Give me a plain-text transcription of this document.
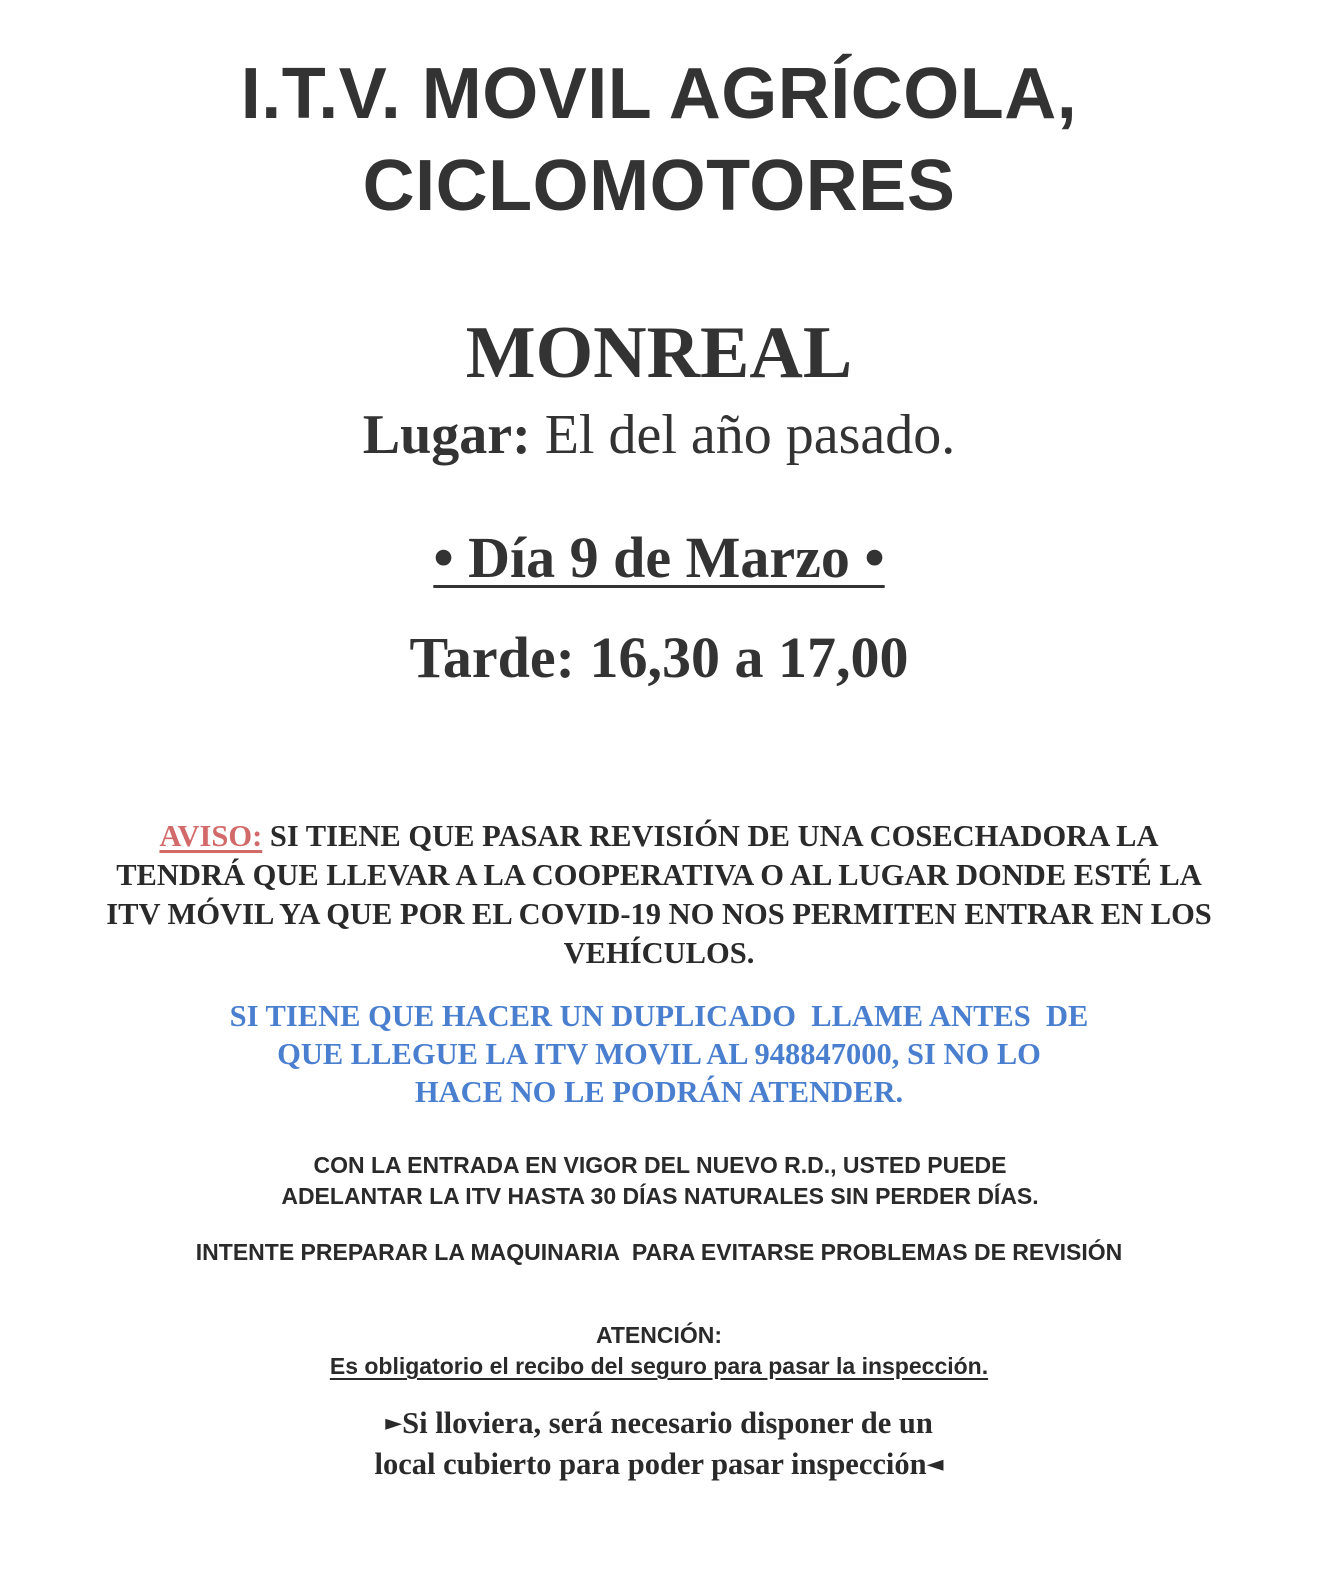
I.T.V. MOVIL AGRÍCOLA,
CICLOMOTORES
MONREAL
Lugar: El del año pasado.
• Día 9 de Marzo •
Tarde: 16,30 a 17,00
AVISO: SI TIENE QUE PASAR REVISIÓN DE UNA COSECHADORA LA
TENDRÁ QUE LLEVAR A LA COOPERATIVA O AL LUGAR DONDE ESTÉ LA
ITV MÓVIL YA QUE POR EL COVID-19 NO NOS PERMITEN ENTRAR EN LOS
VEHÍCULOS.
SI TIENE QUE HACER UN DUPLICADO  LLAME ANTES  DE
QUE LLEGUE LA ITV MOVIL AL 948847000, SI NO LO
HACE NO LE PODRÁN ATENDER.
CON LA ENTRADA EN VIGOR DEL NUEVO R.D., USTED PUEDE
ADELANTAR LA ITV HASTA 30 DÍAS NATURALES SIN PERDER DÍAS.
INTENTE PREPARAR LA MAQUINARIA  PARA EVITARSE PROBLEMAS DE REVISIÓN
ATENCIÓN:
Es obligatorio el recibo del seguro para pasar la inspección.
►Si lloviera, será necesario disponer de un
local cubierto para poder pasar inspección◄
